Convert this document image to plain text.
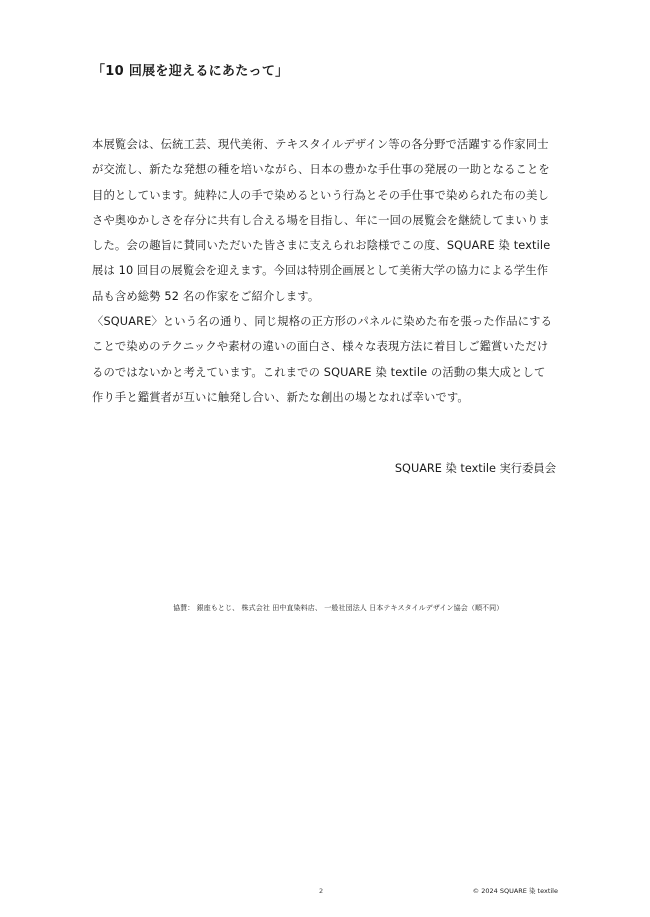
「10 回展を迎えるにあたって」

本展覧会は、伝統工芸、現代美術、テキスタイルデザイン等の各分野で活躍する作家同士
が交流し、新たな発想の種を培いながら、日本の豊かな手仕事の発展の一助となることを
目的としています。純粋に人の手で染めるという行為とその手仕事で染められた布の美し
さや奥ゆかしさを存分に共有し合える場を目指し、年に一回の展覧会を継続してまいりま
した。会の趣旨に賛同いただいた皆さまに支えられお陰様でこの度、SQUARE 染 textile
展は 10 回目の展覧会を迎えます。今回は特別企画展として美術大学の協力による学生作
品も含め総勢 52 名の作家をご紹介します。

〈SQUARE〉という名の通り、同じ規格の正方形のパネルに染めた布を張った作品にする
ことで染めのテクニックや素材の違いの面白さ、様々な表現方法に着目しご鑑賞いただけ
るのではないかと考えています。これまでの SQUARE 染 textile の活動の集大成として
作り手と鑑賞者が互いに触発し合い、新たな創出の場となれば幸いです。

SQUARE 染 textile 実行委員会
協賛： 銀座もとじ、 株式会社 田中直染料店、 一般社団法人 日本テキスタイルデザイン協会（順不同）
2	© 2024 SQUARE 染 textile
